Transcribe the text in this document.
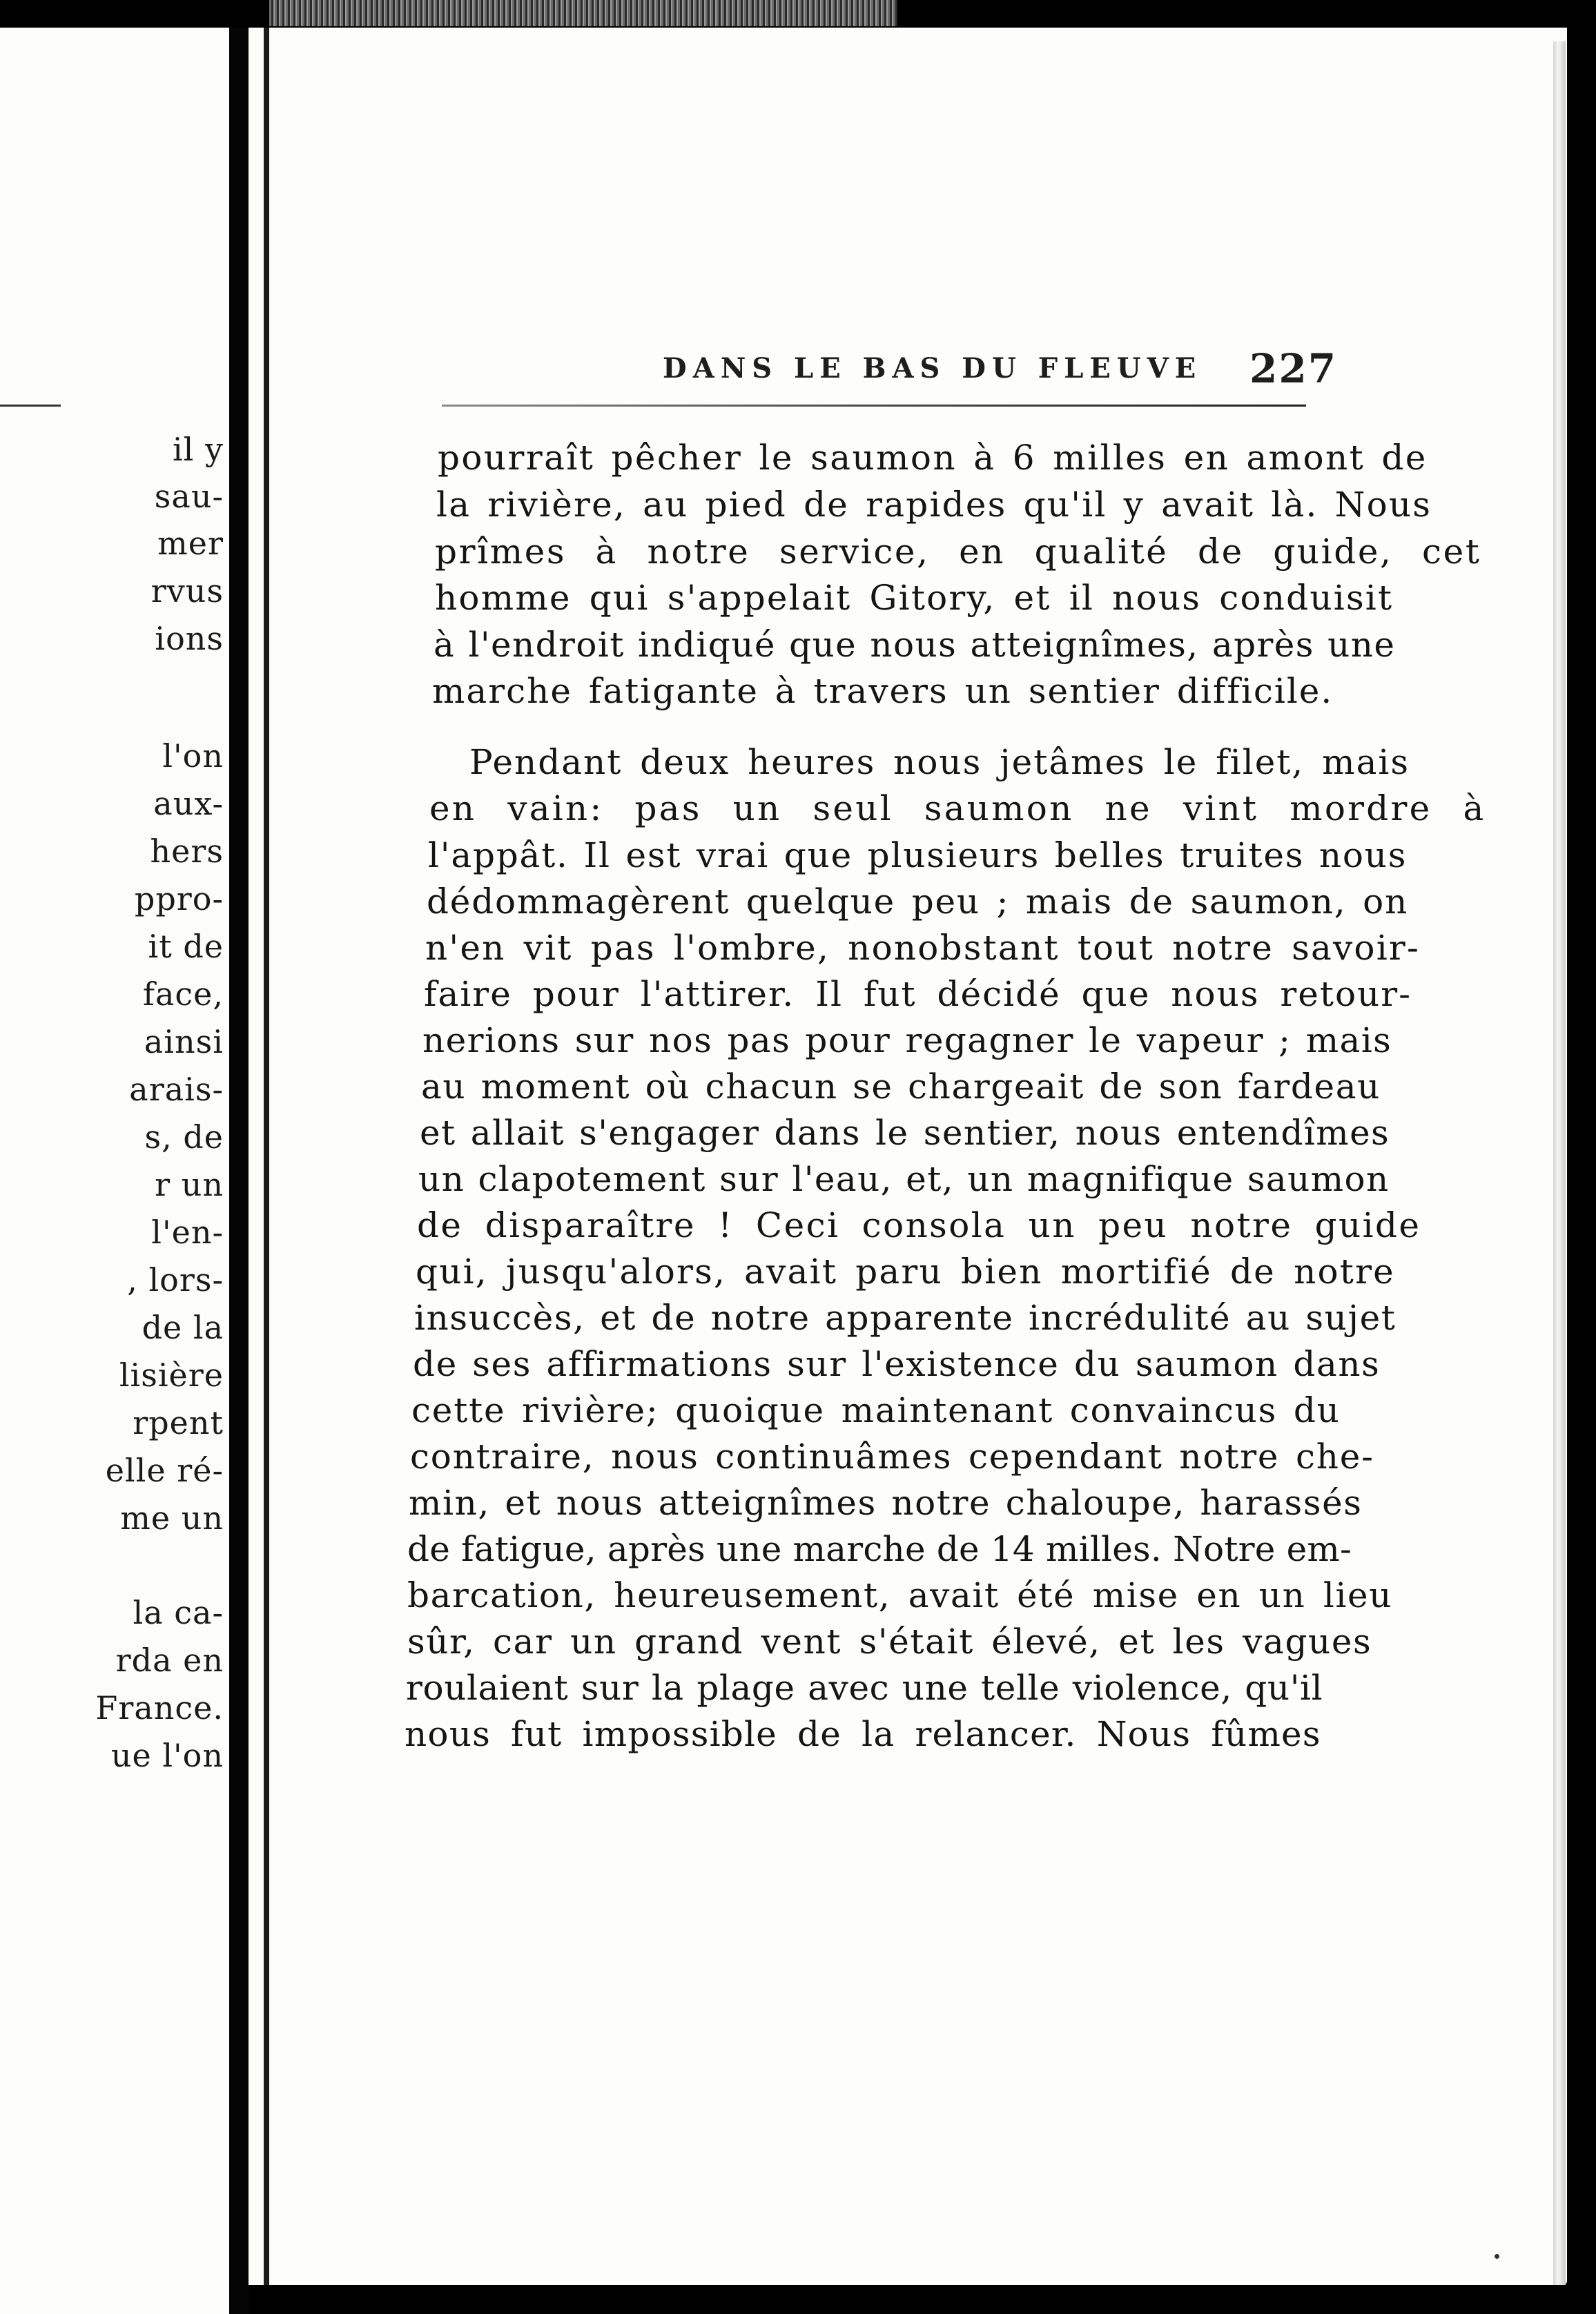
il y
sau-
mer
rvus
ions
l'on
aux-
hers
ppro-
it de
face,
ainsi
arais-
s, de
r un
l'en-
, lors-
de la
lisière
rpent
elle ré-
me un
la ca-
rda en
France.
ue l'on
DANS LE BAS DU FLEUVE 227
pourraît pêcher le saumon à 6 milles en amont de
la rivière, au pied de rapides qu'il y avait là. Nous
prîmes à notre service, en qualité de guide, cet
homme qui s'appelait Gitory, et il nous conduisit
à l'endroit indiqué que nous atteignîmes, après une
marche fatigante à travers un sentier difficile.
Pendant deux heures nous jetâmes le filet, mais
en vain: pas un seul saumon ne vint mordre à
l'appât. Il est vrai que plusieurs belles truites nous
dédommagèrent quelque peu ; mais de saumon, on
n'en vit pas l'ombre, nonobstant tout notre savoir-
faire pour l'attirer. Il fut décidé que nous retour-
nerions sur nos pas pour regagner le vapeur ; mais
au moment où chacun se chargeait de son fardeau
et allait s'engager dans le sentier, nous entendîmes
un clapotement sur l'eau, et, un magnifique saumon
de disparaître ! Ceci consola un peu notre guide
qui, jusqu'alors, avait paru bien mortifié de notre
insuccès, et de notre apparente incrédulité au sujet
de ses affirmations sur l'existence du saumon dans
cette rivière; quoique maintenant convaincus du
contraire, nous continuâmes cependant notre che-
min, et nous atteignîmes notre chaloupe, harassés
de fatigue, après une marche de 14 milles. Notre em-
barcation, heureusement, avait été mise en un lieu
sûr, car un grand vent s'était élevé, et les vagues
roulaient sur la plage avec une telle violence, qu'il
nous fut impossible de la relancer. Nous fûmes
